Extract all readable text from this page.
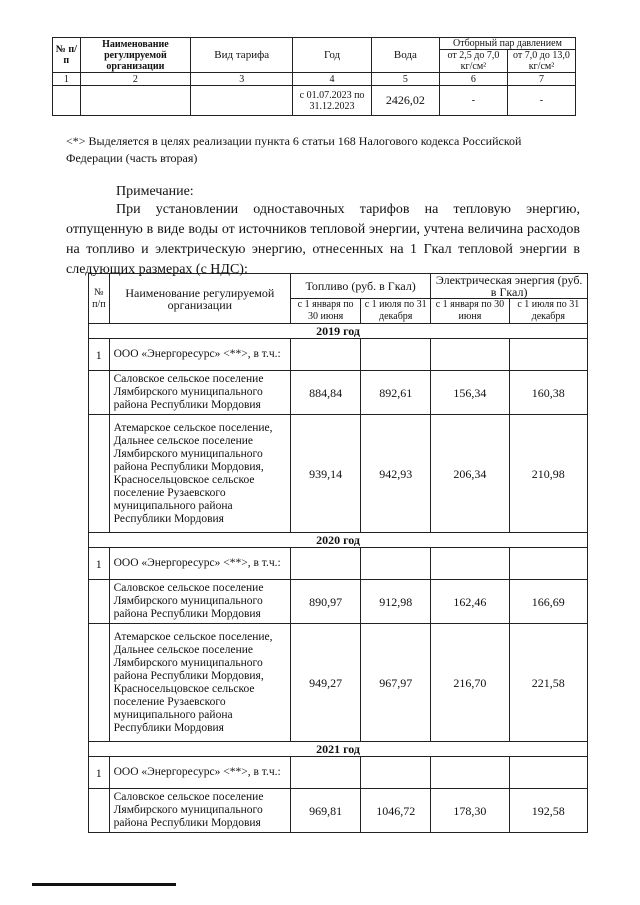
№ п/п	Наименование регулируемой организации	Вид тарифа	Год	Вода	Отборный пар давлением	
					от 2,5 до 7,0 кг/см²	от 7,0 до 13,0 кг/см²
1	2	3	4	5	6	7
			с 01.07.2023 по 31.12.2023	2426,02	-	-

<*> Выделяется в целях реализации пункта 6 статьи 168 Налогового кодекса Российской Федерации (часть вторая)

Примечание:

При установлении одноставочных тарифов на тепловую энергию, отпущенную в виде воды от источников тепловой энергии, учтена величина расходов на топливо и электрическую энергию, отнесенных на 1 Гкал тепловой энергии в следующих размерах (с НДС):

№ п/п	Наименование регулируемой организации	Топливо (руб. в Гкал)		Электрическая энергия (руб. в Гкал)	
		с 1 января по 30 июня	с 1 июля по 31 декабря	с 1 января по 30 июня	с 1 июля по 31 декабря
2019 год					
1	ООО «Энергоресурс» <**>, в т.ч.:				
	Саловское сельское поселение Лямбирского муниципального района Республики Мордовия	884,84	892,61	156,34	160,38
	Атемарское сельское поселение, Дальнее сельское поселение Лямбирского муниципального района Республики Мордовия, Красносельцовское сельское поселение Рузаевского муниципального района Республики Мордовия	939,14	942,93	206,34	210,98
2020 год					
1	ООО «Энергоресурс» <**>, в т.ч.:				
	Саловское сельское поселение Лямбирского муниципального района Республики Мордовия	890,97	912,98	162,46	166,69
	Атемарское сельское поселение, Дальнее сельское поселение Лямбирского муниципального района Республики Мордовия, Красносельцовское сельское поселение Рузаевского муниципального района Республики Мордовия	949,27	967,97	216,70	221,58
2021 год					
1	ООО «Энергоресурс» <**>, в т.ч.:				
	Саловское сельское поселение Лямбирского муниципального района Республики Мордовия	969,81	1046,72	178,30	192,58
